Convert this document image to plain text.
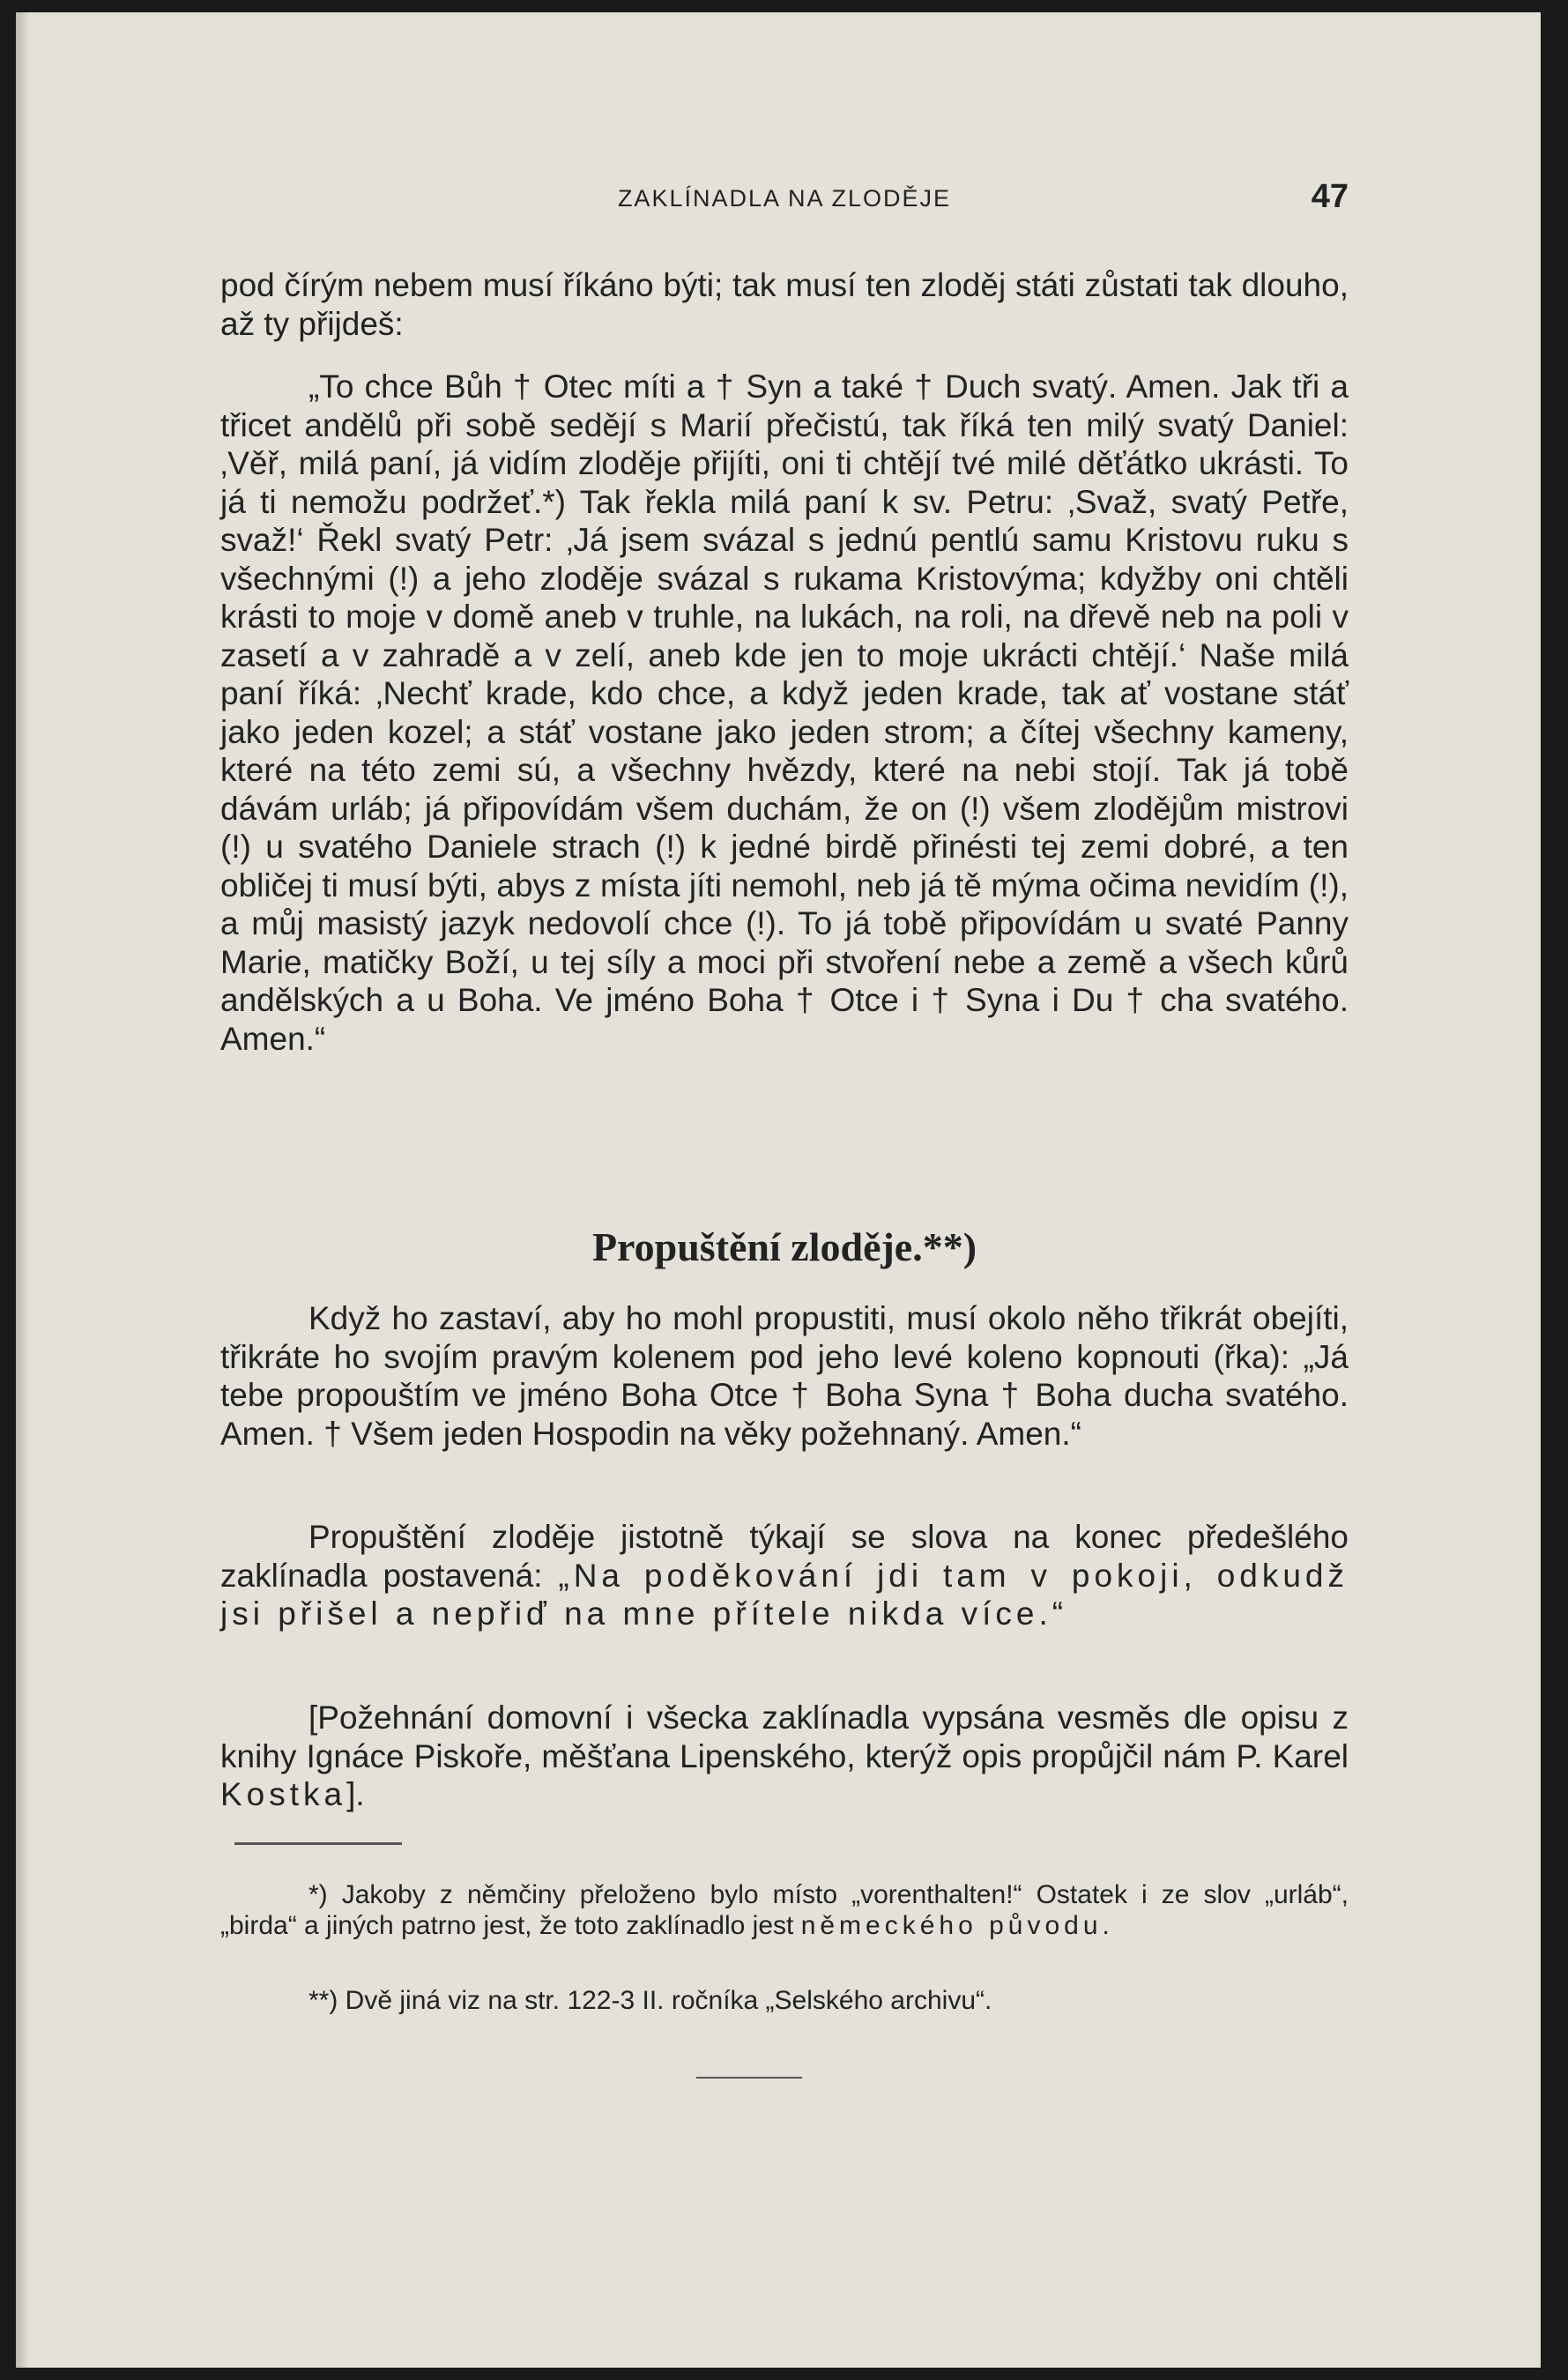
ZAKLÍNADLA NA ZLODĚJE	47

pod čírým nebem musí říkáno býti; tak musí ten zloděj státi zůstati tak dlouho, až ty přijdeš:

„To chce Bůh † Otec míti a † Syn a také † Duch svatý. Amen. Jak tři a třicet andělů při sobě sedějí s Marií přečistú, tak říká ten milý svatý Daniel: ‚Věř, milá paní, já vidím zloděje přijíti, oni ti chtějí tvé milé děťátko ukrásti. To já ti nemožu podržeť.*) Tak řekla milá paní k sv. Petru: ‚Svaž, svatý Petře, svaž!‘ Řekl svatý Petr: ‚Já jsem svázal s jednú pentlú samu Kristovu ruku s všechnými (!) a jeho zloděje svázal s rukama Kristovýma; kdyžby oni chtěli krásti to moje v domě aneb v truhle, na lukách, na roli, na dřevě neb na poli v zasetí a v zahradě a v zelí, aneb kde jen to moje ukrácti chtějí.‘ Naše milá paní říká: ‚Nechť krade, kdo chce, a když jeden krade, tak ať vostane stáť jako jeden kozel; a stáť vostane jako jeden strom; a čítej všechny kameny, které na této zemi sú, a všechny hvězdy, které na nebi stojí. Tak já tobě dávám urláb; já připovídám všem duchám, že on (!) všem zlodějům mistrovi (!) u svatého Daniele strach (!) k jedné birdě přinésti tej zemi dobré, a ten obličej ti musí býti, abys z místa jíti nemohl, neb já tě mýma očima nevidím (!), a můj masistý jazyk nedovolí chce (!). To já tobě připovídám u svaté Panny Marie, matičky Boží, u tej síly a moci při stvoření nebe a země a všech kůrů andělských a u Boha. Ve jméno Boha † Otce i † Syna i Du † cha svatého. Amen.“

Propuštění zloděje.**)

Když ho zastaví, aby ho mohl propustiti, musí okolo něho třikrát obejíti, třikráte ho svojím pravým kolenem pod jeho levé koleno kopnouti (řka): „Já tebe propouštím ve jméno Boha Otce † Boha Syna † Boha ducha svatého. Amen. † Všem jeden Hospodin na věky požehnaný. Amen.“

Propuštění zloděje jistotně týkají se slova na konec předešlého zaklínadla postavená: „Na poděkování jdi tam v pokoji, odkudž jsi přišel a nepřiď na mne přítele nikda více.“

[Požehnání domovní i všecka zaklínadla vypsána vesměs dle opisu z knihy Ignáce Piskoře, měšťana Lipenského, kterýž opis propůjčil nám P. Karel Kostka].

*) Jakoby z němčiny přeloženo bylo místo „vorenthalten!“ Ostatek i ze slov „urláb“, „birda“ a jiných patrno jest, že toto zaklínadlo jest německého původu.

**) Dvě jiná viz na str. 122-3 II. ročníka „Selského archivu“.
